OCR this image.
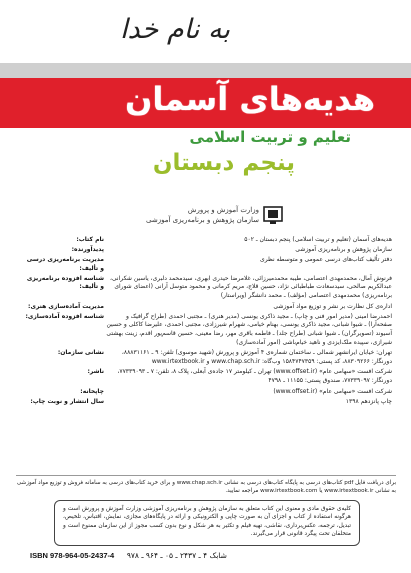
به نام خدا
هدیه‌های آسمان
تعلیم و تربیت اسلامی
پنجم دبستان
وزارت آموزش و پرورش
سازمان پژوهش و برنامه‌ریزی آموزشی
هدیه‌های آسمان (تعلیم و تربیت اسلامی) پنجم دبستان ـ ۵۰۲
نام کتاب:
سازمان پژوهش و برنامه‌ریزی آموزشی
پدیدآورنده:
دفتر تألیف کتاب‌های درسی عمومی و متوسطه نظری
مدیریت برنامه‌ریزی درسی و تألیف:
فرنوش آمال، محمدمهدی اعتصامی، طیبه محمدمیرزائی، غلامرضا حیدری ابهری، سیدمحمد دلبری، یاسین شکرانی، عبدالکریم صالحی، سیدسعادت طباطبائی نژاد، حسین قلاج، مریم کرمانی و محمود متوسل آرانی (اعضای شورای برنامه‌ریزی) محمدمهدی اعتصامی (مؤلف) ـ محمد دانشگر (ویراستار)
شناسه افزوده برنامه‌ریزی و تألیف:
اداره‌ی کل نظارت بر نشر و توزیع مواد آموزشی
مدیریت آماده‌سازی هنری:
احمدرضا امینی (مدیر امور فنی و چاپ) ـ مجید ذاکری یونسی (مدیر هنری) ـ مجتبی احمدی (طراح گرافیک و صفحه‌آرا) ـ شیوا شبانی، مجید ذاکری یونسی، بهنام خیامی، شهرام شیرزادی، مجتبی احمدی، علیرضا کاکلی و حسین آسیوند (تصویرگران) ـ شیوا شبانی (طراح جلد) ـ فاطمه باقری مهر، رضا معینی، حسین قاسم‌پور اقدم، زینت بهشتی شیرازی، سپیده ملک‌ایزدی و ناهید خیام‌باشی (امور آماده‌سازی)
شناسه افزوده آماده‌سازی:
تهران: خیابان ایرانشهر شمالی ـ ساختمان شماره‌ی ۴ آموزش و پرورش (شهید موسوی) تلفن: ۹ ـ ۸۸۸۳۱۱۶۱، دورنگار: ۸۸۳۰۹۲۶۶، کد پستی: ۱۵۸۴۷۴۷۳۵۹ وب‌گاه: www.chap.sch.ir و www.irtextbook.ir
نشانی سازمان:
شرکت افست «سهامی عام» (www.offset.ir) تهران ـ کیلومتر ۱۷ جاده‌ی آبعلی، پلاک ۸، تلفن: ۷ ـ ۷۷۳۳۹۰۹۳، دورنگار: ۷۷۳۳۹۰۹۷، صندوق پستی: ۱۱۱۵۵ ـ ۴۷۹۸
ناشر:
شرکت افست «سهامی عام» (www.offset.ir)
چاپخانه:
چاپ پانزدهم ۱۳۹۸
سال انتشار و نوبت چاپ:
برای دریافت فایل pdf کتاب‌های درسی به پایگاه کتاب‌های درسی به نشانی www.chap.sch.ir و برای خرید کتاب‌های درسی به سامانه فروش و توزیع مواد آموزشی به نشانی www.irtextbook.ir یا www.irtextbook.com مراجعه نمایید.
کلیه‌ی حقوق مادی و معنوی این کتاب متعلق به سازمان پژوهش و برنامه‌ریزی آموزشی وزارت آموزش و پرورش است و هرگونه استفاده از کتاب و اجزای آن به صورت چاپی و الکترونیکی و ارائه در پایگاه‌های مجازی، نمایش، اقتباس، تلخیص، تبدیل، ترجمه، عکس‌برداری، نقاشی، تهیه فیلم و تکثیر به هر شکل و نوع بدون کسب مجوز از این سازمان ممنوع است و متخلفان تحت پیگرد قانونی قرار می‌گیرند.
ISBN 978-964-05-2437-4 شابک ۴ ـ ۲۴۳۷ ـ ۰۵ ـ ۹۶۴ ـ ۹۷۸
